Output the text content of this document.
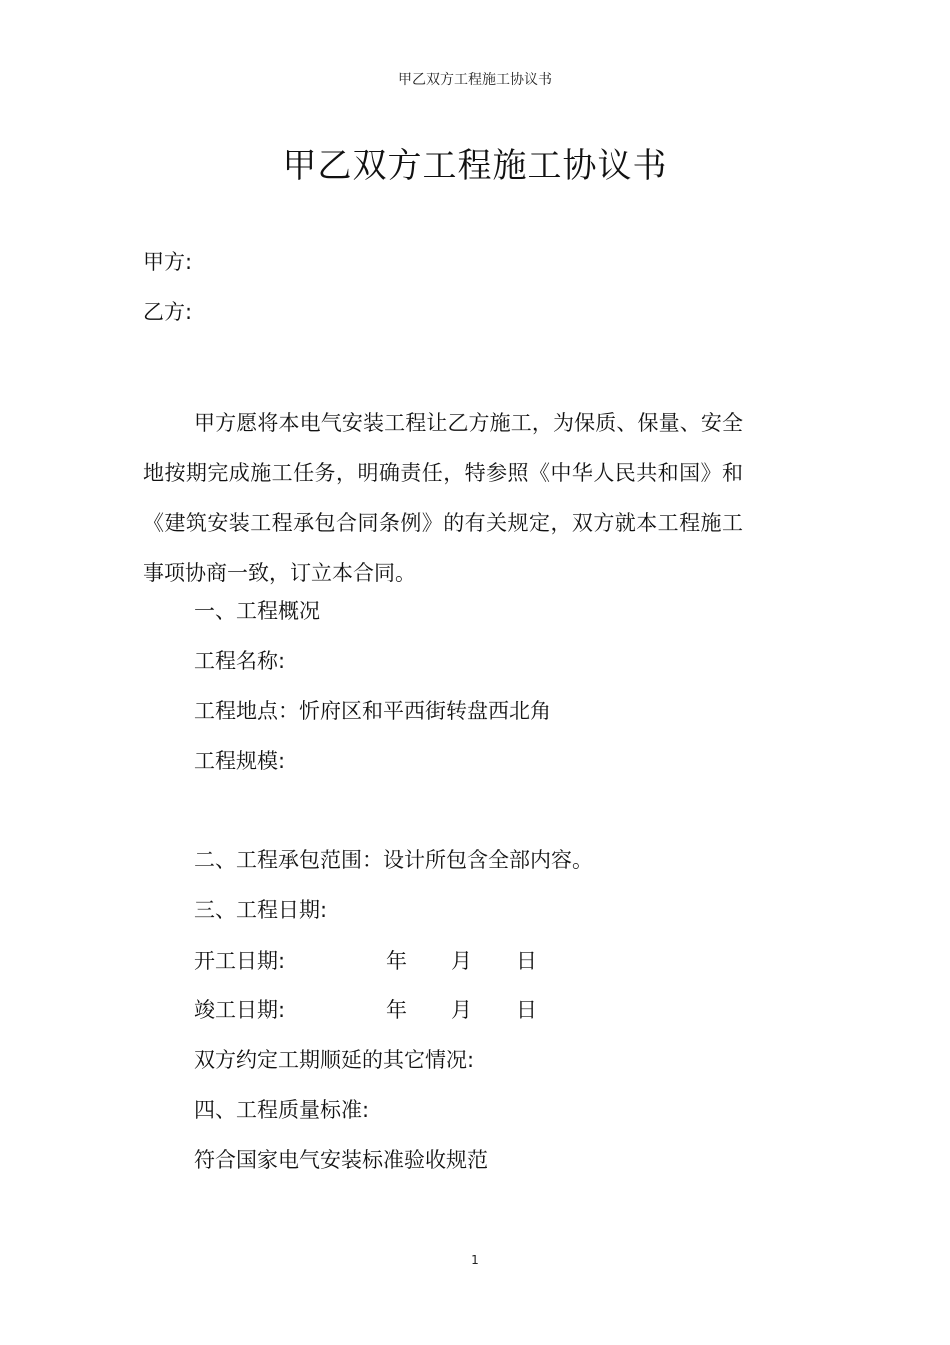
甲乙双方工程施工协议书
甲乙双方工程施工协议书
甲方:
乙方:
甲方愿将本电气安装工程让乙方施工，为保质、保量、安全地按期完成施工任务，明确责任，特参照《中华人民共和国》和《建筑安装工程承包合同条例》的有关规定，双方就本工程施工事项协商一致，订立本合同。
一、工程概况
工程名称:
工程地点：忻府区和平西街转盘西北角
工程规模:
二、工程承包范围：设计所包含全部内容。
三、工程日期:
开工日期:	年 月 日
竣工日期:	年 月 日
双方约定工期顺延的其它情况:
四、工程质量标准:
符合国家电气安装标准验收规范
1
